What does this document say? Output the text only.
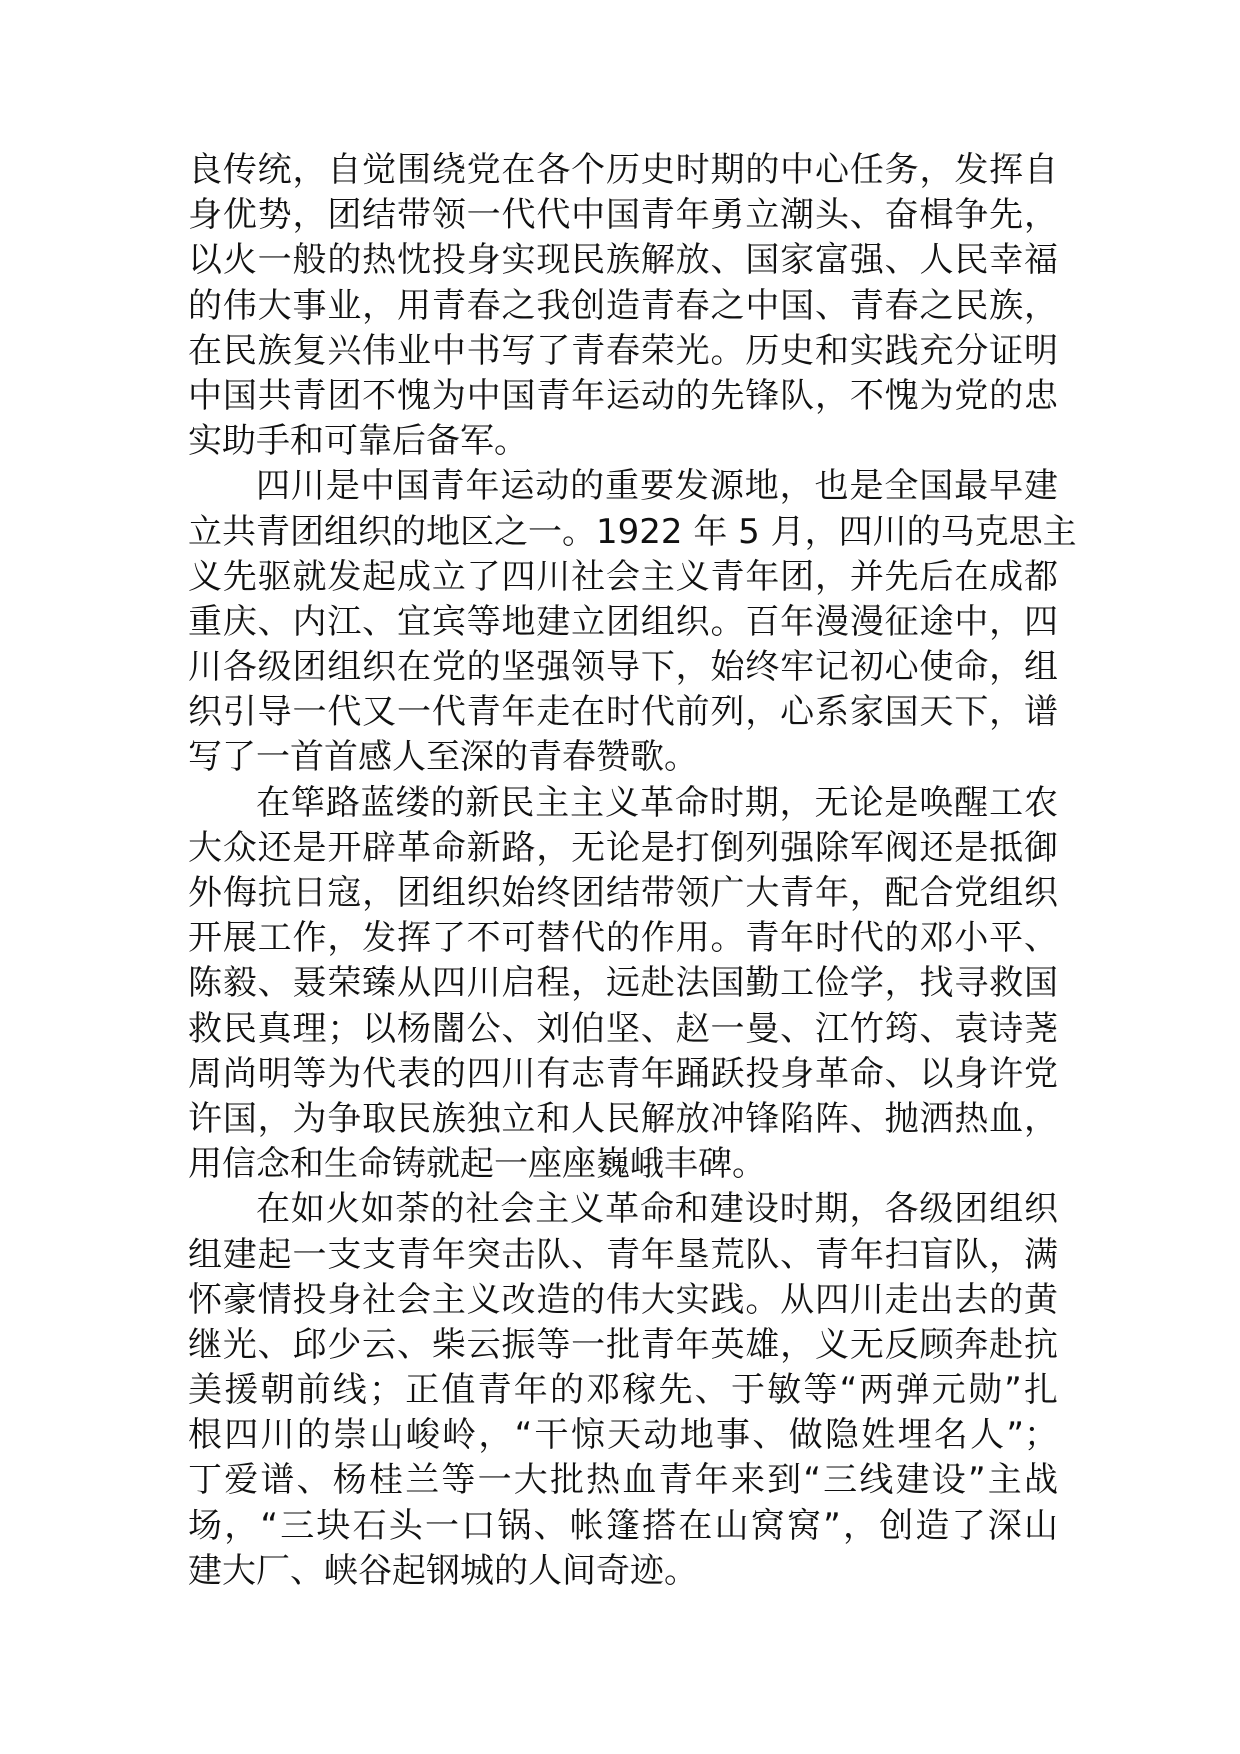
良传统，自觉围绕党在各个历史时期的中心任务，发挥自
身优势，团结带领一代代中国青年勇立潮头、奋楫争先，
以火一般的热忱投身实现民族解放、国家富强、人民幸福
的伟大事业，用青春之我创造青春之中国、青春之民族，
在民族复兴伟业中书写了青春荣光。历史和实践充分证明
中国共青团不愧为中国青年运动的先锋队，不愧为党的忠
实助手和可靠后备军。
四川是中国青年运动的重要发源地，也是全国最早建
立共青团组织的地区之一。1922 年 5 月，四川的马克思主
义先驱就发起成立了四川社会主义青年团，并先后在成都
重庆、内江、宜宾等地建立团组织。百年漫漫征途中，四
川各级团组织在党的坚强领导下，始终牢记初心使命，组
织引导一代又一代青年走在时代前列，心系家国天下，谱
写了一首首感人至深的青春赞歌。
在筚路蓝缕的新民主主义革命时期，无论是唤醒工农
大众还是开辟革命新路，无论是打倒列强除军阀还是抵御
外侮抗日寇，团组织始终团结带领广大青年，配合党组织
开展工作，发挥了不可替代的作用。青年时代的邓小平、
陈毅、聂荣臻从四川启程，远赴法国勤工俭学，找寻救国
救民真理；以杨闇公、刘伯坚、赵一曼、江竹筠、袁诗荛
周尚明等为代表的四川有志青年踊跃投身革命、以身许党
许国，为争取民族独立和人民解放冲锋陷阵、抛洒热血，
用信念和生命铸就起一座座巍峨丰碑。
在如火如荼的社会主义革命和建设时期，各级团组织
组建起一支支青年突击队、青年垦荒队、青年扫盲队，满
怀豪情投身社会主义改造的伟大实践。从四川走出去的黄
继光、邱少云、柴云振等一批青年英雄，义无反顾奔赴抗
美援朝前线；正值青年的邓稼先、于敏等“两弹元勋”扎
根四川的崇山峻岭，“干惊天动地事、做隐姓埋名人”；
丁爱谱、杨桂兰等一大批热血青年来到“三线建设”主战
场，“三块石头一口锅、帐篷搭在山窝窝”，创造了深山
建大厂、峡谷起钢城的人间奇迹。
